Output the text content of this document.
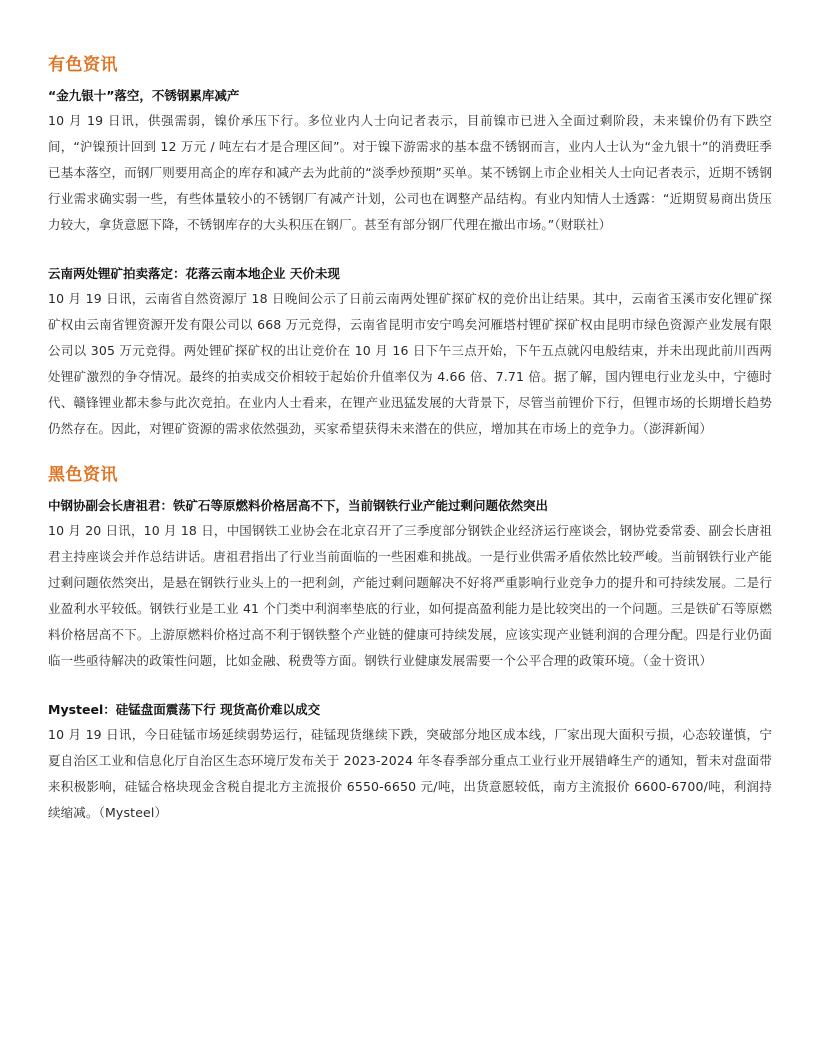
有色资讯
“金九银十”落空，不锈钢累库减产

10 月 19 日讯，供强需弱，镍价承压下行。多位业内人士向记者表示，目前镍市已进入全面过剩阶段，未来镍价仍有下跌空间，“沪镍预计回到 12 万元 / 吨左右才是合理区间”。对于镍下游需求的基本盘不锈钢而言，业内人士认为“金九银十”的消费旺季已基本落空，而钢厂则要用高企的库存和减产去为此前的“淡季炒预期”买单。某不锈钢上市企业相关人士向记者表示，近期不锈钢行业需求确实弱一些，有些体量较小的不锈钢厂有减产计划，公司也在调整产品结构。有业内知情人士透露：“近期贸易商出货压力较大，拿货意愿下降，不锈钢库存的大头积压在钢厂。甚至有部分钢厂代理在撤出市场。”（财联社）

云南两处锂矿拍卖落定：花落云南本地企业 天价未现

10 月 19 日讯，云南省自然资源厅 18 日晚间公示了日前云南两处锂矿探矿权的竞价出让结果。其中，云南省玉溪市安化锂矿探矿权由云南省锂资源开发有限公司以 668 万元竞得，云南省昆明市安宁鸣矣河雁塔村锂矿探矿权由昆明市绿色资源产业发展有限公司以 305 万元竞得。两处锂矿探矿权的出让竞价在 10 月 16 日下午三点开始，下午五点就闪电般结束，并未出现此前川西两处锂矿激烈的争夺情况。最终的拍卖成交价相较于起始价升值率仅为 4.66 倍、7.71 倍。据了解，国内锂电行业龙头中，宁德时代、赣锋锂业都未参与此次竞拍。在业内人士看来，在锂产业迅猛发展的大背景下，尽管当前锂价下行，但锂市场的长期增长趋势仍然存在。因此，对锂矿资源的需求依然强劲，买家希望获得未来潜在的供应，增加其在市场上的竞争力。（澎湃新闻）

黑色资讯
中钢协副会长唐祖君：铁矿石等原燃料价格居高不下，当前钢铁行业产能过剩问题依然突出

10 月 20 日讯，10 月 18 日，中国钢铁工业协会在北京召开了三季度部分钢铁企业经济运行座谈会，钢协党委常委、副会长唐祖君主持座谈会并作总结讲话。唐祖君指出了行业当前面临的一些困难和挑战。一是行业供需矛盾依然比较严峻。当前钢铁行业产能过剩问题依然突出，是悬在钢铁行业头上的一把利剑，产能过剩问题解决不好将严重影响行业竞争力的提升和可持续发展。二是行业盈利水平较低。钢铁行业是工业 41 个门类中利润率垫底的行业，如何提高盈利能力是比较突出的一个问题。三是铁矿石等原燃料价格居高不下。上游原燃料价格过高不利于钢铁整个产业链的健康可持续发展，应该实现产业链利润的合理分配。四是行业仍面临一些亟待解决的政策性问题，比如金融、税费等方面。钢铁行业健康发展需要一个公平合理的政策环境。（金十资讯）

Mysteel：硅锰盘面震荡下行 现货高价难以成交

10 月 19 日讯，今日硅锰市场延续弱势运行，硅锰现货继续下跌，突破部分地区成本线，厂家出现大面积亏损，心态较谨慎，宁夏自治区工业和信息化厅自治区生态环境厅发布关于 2023-2024 年冬春季部分重点工业行业开展错峰生产的通知，暂未对盘面带来积极影响，硅锰合格块现金含税自提北方主流报价 6550-6650 元/吨，出货意愿较低，南方主流报价 6600-6700/吨，利润持续缩减。（Mysteel）
